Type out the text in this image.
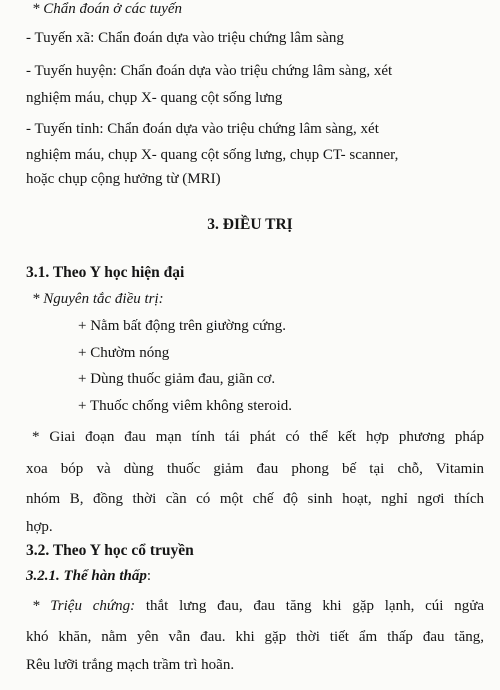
* Chẩn đoán ở các tuyến
- Tuyến xã: Chẩn đoán dựa vào triệu chứng lâm sàng
- Tuyến huyện: Chẩn đoán dựa vào triệu chứng lâm sàng, xét
nghiệm máu, chụp X- quang cột sống lưng
- Tuyến tỉnh: Chẩn đoán dựa vào triệu chứng lâm sàng, xét
nghiệm máu, chụp X- quang cột sống lưng, chụp CT- scanner,
hoặc chụp cộng hưởng từ (MRI)
3. ĐIỀU TRỊ
3.1. Theo Y học hiện đại
* Nguyên tắc điều trị:
+ Nằm bất động trên giường cứng.
+ Chườm nóng
+ Dùng thuốc giảm đau, giãn cơ.
+ Thuốc chống viêm không steroid.
* Giai đoạn đau mạn tính tái phát có thể kết hợp phương pháp
xoa bóp và dùng thuốc giảm đau phong bế tại chỗ, Vitamin
nhóm B, đồng thời cần có một chế độ sinh hoạt, nghỉ ngơi thích
hợp.
3.2. Theo Y học cổ truyền
3.2.1. Thể hàn thấp:
* Triệu chứng: thắt lưng đau, đau tăng khi gặp lạnh, cúi ngửa
khó khăn, nằm yên vẫn đau. khi gặp thời tiết ẩm thấp đau tăng,
Rêu lưỡi trắng mạch trầm trì hoãn.
